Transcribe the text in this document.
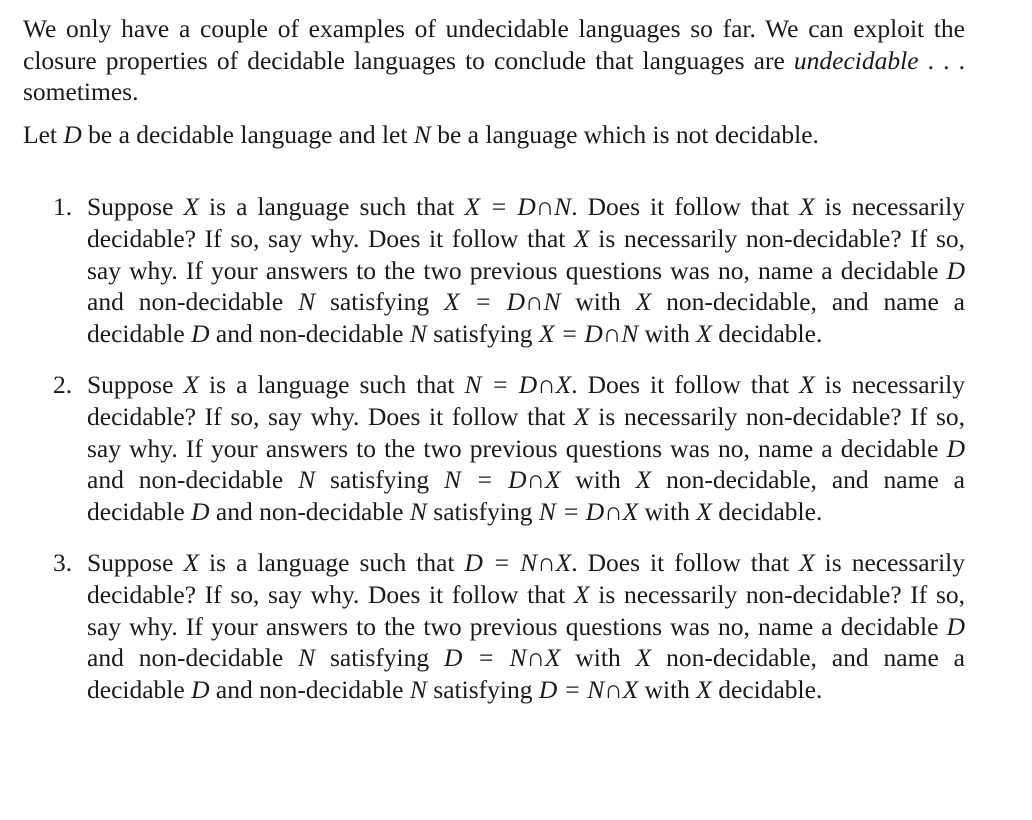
We only have a couple of examples of undecidable languages so far. We can exploit the closure properties of decidable languages to conclude that languages are undecidable . . . sometimes.

Let D be a decidable language and let N be a language which is not decidable.

1. Suppose X is a language such that X = D∩N. Does it follow that X is necessarily decidable? If so, say why. Does it follow that X is necessarily non-decidable? If so, say why. If your answers to the two previous questions was no, name a decidable D and non-decidable N satisfying X = D∩N with X non-decidable, and name a decidable D and non-decidable N satisfying X = D∩N with X decidable.
2. Suppose X is a language such that N = D∩X. Does it follow that X is necessarily decidable? If so, say why. Does it follow that X is necessarily non-decidable? If so, say why. If your answers to the two previous questions was no, name a decidable D and non-decidable N satisfying N = D∩X with X non-decidable, and name a decidable D and non-decidable N satisfying N = D∩X with X decidable.
3. Suppose X is a language such that D = N∩X. Does it follow that X is necessarily decidable? If so, say why. Does it follow that X is necessarily non-decidable? If so, say why. If your answers to the two previous questions was no, name a decidable D and non-decidable N satisfying D = N∩X with X non-decidable, and name a decidable D and non-decidable N satisfying D = N∩X with X decidable.
